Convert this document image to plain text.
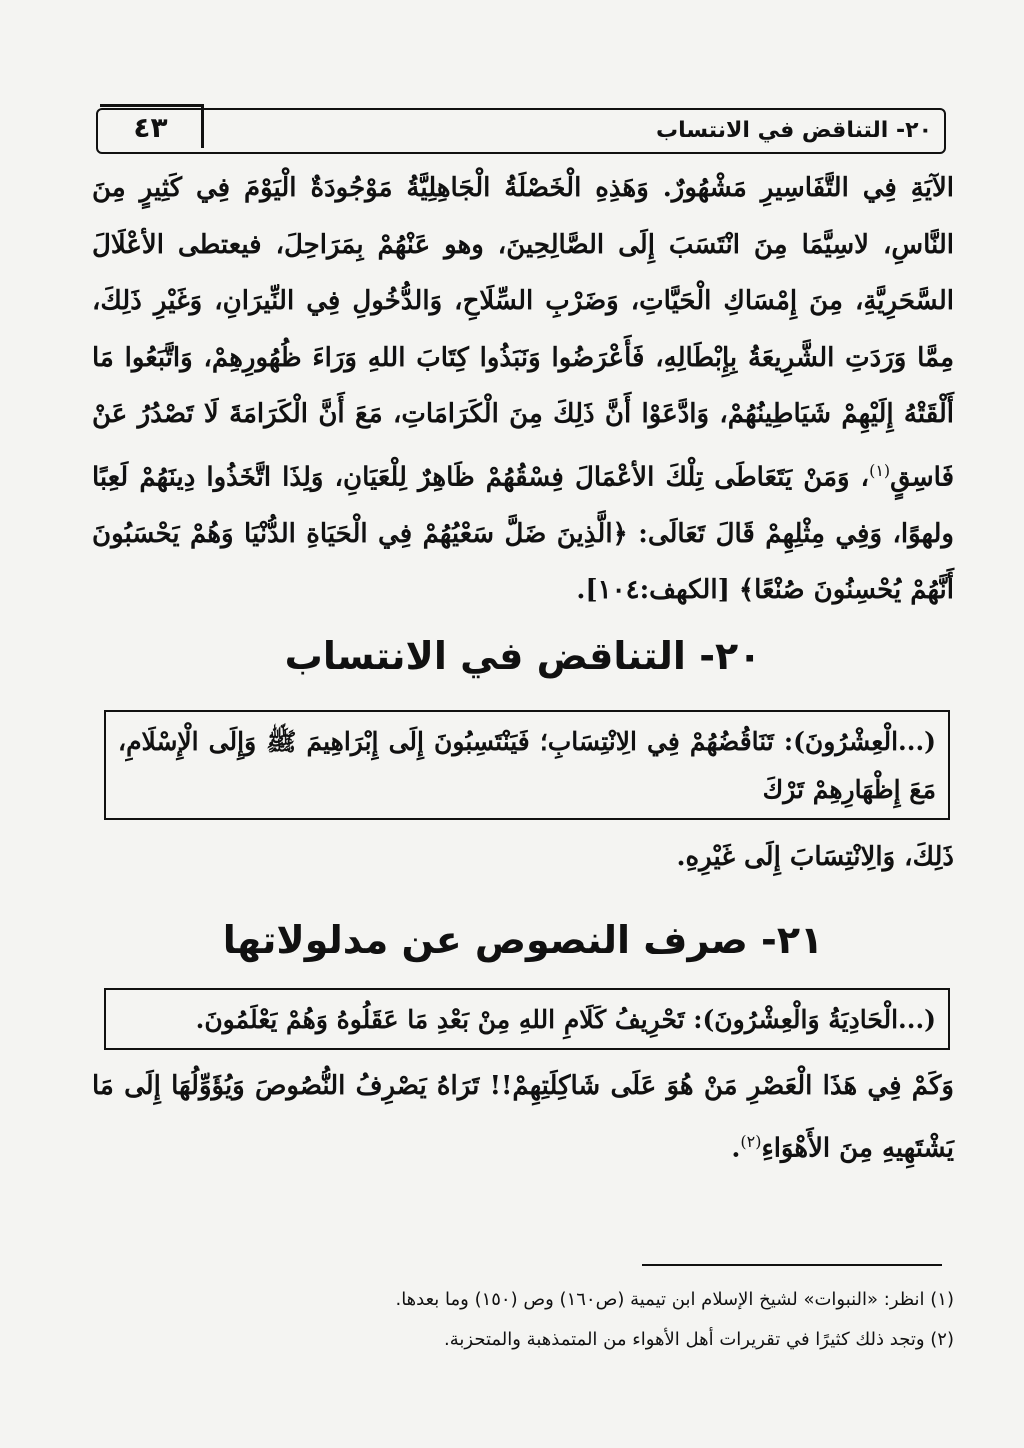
٤٣	٢٠- التناقض في الانتساب
الآيَةِ فِي التَّفَاسِيرِ مَشْهُورٌ. وَهَذِهِ الْخَصْلَةُ الْجَاهِلِيَّةُ مَوْجُودَةٌ الْيَوْمَ فِي كَثِيرٍ مِنَ النَّاسِ، لاسِيَّمَا مِنَ انْتَسَبَ إِلَى الصَّالِحِينَ، وهو عَنْهُمْ بِمَرَاحِلَ، فيعتطى الأعْلَالَ السَّحَرِيَّةِ، مِنَ إِمْسَاكِ الْحَيَّاتِ، وَضَرْبِ السِّلَاحِ، وَالدُّخُولِ فِي النِّيرَانِ، وَغَيْرِ ذَلِكَ، مِمَّا وَرَدَتِ الشَّرِيعَةُ بِإِبْطَالِهِ، فَأَعْرَضُوا وَنَبَذُوا كِتَابَ اللهِ وَرَاءَ ظُهُورِهِمْ، وَاتَّبَعُوا مَا أَلْقَتْهُ إِلَيْهِمْ شَيَاطِينُهُمْ، وَادَّعَوْا أَنَّ ذَلِكَ مِنَ الْكَرَامَاتِ، مَعَ أَنَّ الْكَرَامَةَ لَا تَصْدُرُ عَنْ فَاسِقٍ$^{(١)}$، وَمَنْ يَتَعَاطَى تِلْكَ الأعْمَالَ فِسْقُهُمْ ظَاهِرٌ لِلْعَيَانِ، وَلِذَا اتَّخَذُوا دِينَهُمْ لَعِبًا ولهوًا، وَفِي مِثْلِهِمْ قَالَ تَعَالَى: ﴿الَّذِينَ ضَلَّ سَعْيُهُمْ فِي الْحَيَاةِ الدُّنْيَا وَهُمْ يَحْسَبُونَ أَنَّهُمْ يُحْسِنُونَ صُنْعًا﴾ [الكهف:١٠٤].
٢٠- التناقض في الانتساب
(...الْعِشْرُونَ): تَنَاقُضُهُمْ فِي الِانْتِسَابِ؛ فَيَنْتَسِبُونَ إِلَى إِبْرَاهِيمَ ﷺ وَإِلَى الْإِسْلَامِ، مَعَ إِظْهَارِهِمْ تَرْكَ
ذَلِكَ، وَالِانْتِسَابَ إِلَى غَيْرِهِ.
٢١- صرف النصوص عن مدلولاتها
(...الْحَادِيَةُ وَالْعِشْرُونَ): تَحْرِيفُ كَلَامِ اللهِ مِنْ بَعْدِ مَا عَقَلُوهُ وَهُمْ يَعْلَمُونَ.
وَكَمْ فِي هَذَا الْعَصْرِ مَنْ هُوَ عَلَى شَاكِلَتِهِمْ!! تَرَاهُ يَصْرِفُ النُّصُوصَ وَيُؤَوِّلُهَا إِلَى مَا يَشْتَهِيهِ مِنَ الأَهْوَاءِ$^{(٢)}$.
(١) انظر: «النبوات» لشيخ الإسلام ابن تيمية (ص١٦٠) وص (١٥٠) وما بعدها.
(٢) وتجد ذلك كثيرًا في تقريرات أهل الأهواء من المتمذهبة والمتحزبة.
